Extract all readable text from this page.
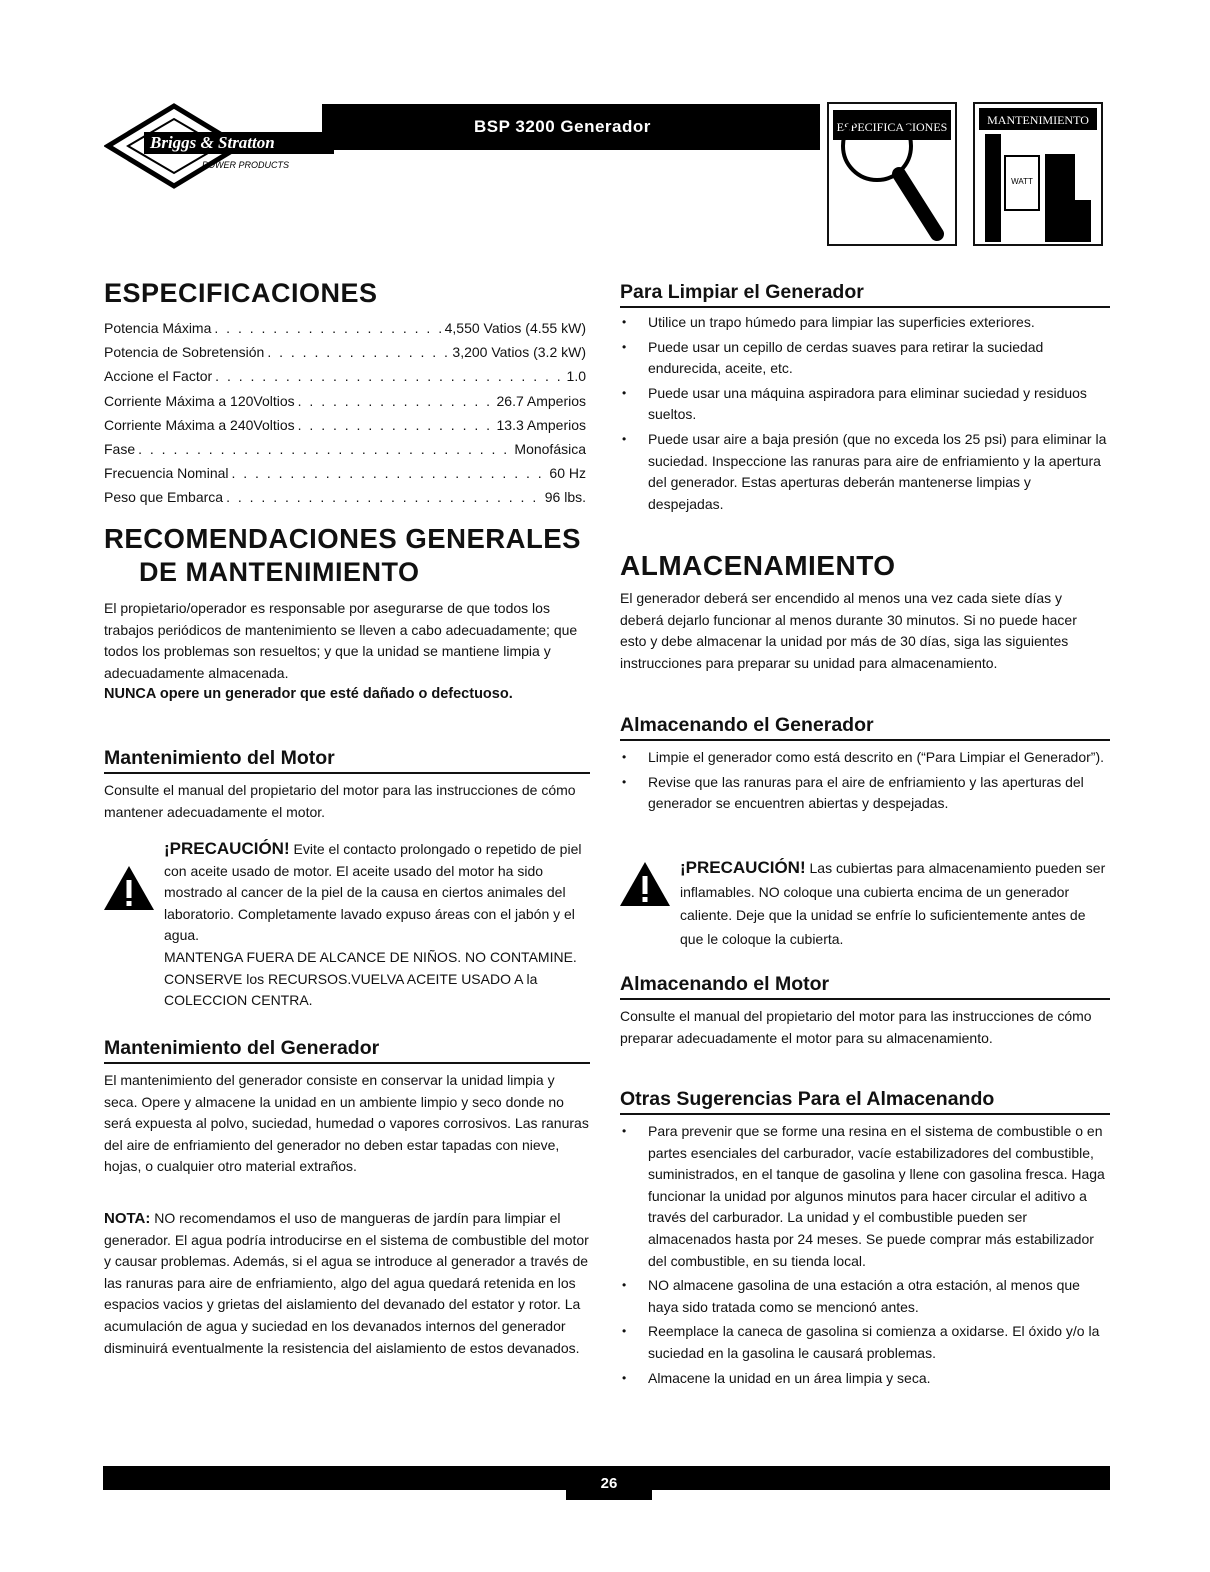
Briggs & Stratton
POWER PRODUCTS
BSP 3200 Generador	ESPECIFICACIONES	MANTENIMIENTO
WATT
ESPECIFICACIONES
Potencia Máxima . . .	4,550 Vatios (4.55 kW)
Potencia de Sobretensión . . .	3,200 Vatios (3.2 kW)
Accione el Factor . . .	1.0
Corriente Máxima a 120Voltios . . .	26.7 Amperios
Corriente Máxima a 240Voltios . . .	13.3 Amperios
Fase . . .	Monofásica
Frecuencia Nominal . . .	60 Hz
Peso que Embarca . . .	96 lbs.
RECOMENDACIONES GENERALES
DE MANTENIMIENTO

El propietario/operador es responsable por asegurarse de que todos los trabajos periódicos de mantenimiento se lleven a cabo adecuadamente; que todos los problemas son resueltos; y que la unidad se mantiene limpia y adecuadamente almacenada.

NUNCA opere un generador que esté dañado o defectuoso.

Mantenimiento del Motor

Consulte el manual del propietario del motor para las instrucciones de cómo mantener adecuadamente el motor.

¡PRECAUCIÓN! Evite el contacto prolongado o repetido de piel con aceite usado de motor. El aceite usado del motor ha sido mostrado al cancer de la piel de la causa en ciertos animales del laboratorio. Completamente lavado expuso áreas con el jabón y el agua.

MANTENGA FUERA DE ALCANCE DE NIÑOS. NO CONTAMINE. CONSERVE los RECURSOS.VUELVA ACEITE USADO A la COLECCION CENTRA.

Mantenimiento del Generador

El mantenimiento del generador consiste en conservar la unidad limpia y seca. Opere y almacene la unidad en un ambiente limpio y seco donde no será expuesta al polvo, suciedad, humedad o vapores corrosivos. Las ranuras del aire de enfriamiento del generador no deben estar tapadas con nieve, hojas, o cualquier otro material extraños.

NOTA: NO recomendamos el uso de mangueras de jardín para limpiar el generador. El agua podría introducirse en el sistema de combustible del motor y causar problemas. Además, si el agua se introduce al generador a través de las ranuras para aire de enfriamiento, algo del agua quedará retenida en los espacios vacios y grietas del aislamiento del devanado del estator y rotor. La acumulación de agua y suciedad en los devanados internos del generador disminuirá eventualmente la resistencia del aislamiento de estos devanados.

Para Limpiar el Generador
• Utilice un trapo húmedo para limpiar las superficies exteriores.
• Puede usar un cepillo de cerdas suaves para retirar la suciedad endurecida, aceite, etc.
• Puede usar una máquina aspiradora para eliminar suciedad y residuos sueltos.
• Puede usar aire a baja presión (que no exceda los 25 psi) para eliminar la suciedad. Inspeccione las ranuras para aire de enfriamiento y la apertura del generador. Estas aperturas deberán mantenerse limpias y despejadas.
ALMACENAMIENTO

El generador deberá ser encendido al menos una vez cada siete días y deberá dejarlo funcionar al menos durante 30 minutos. Si no puede hacer esto y debe almacenar la unidad por más de 30 días, siga las siguientes instrucciones para preparar su unidad para almacenamiento.

Almacenando el Generador
• Limpie el generador como está descrito en (“Para Limpiar el Generador”).
• Revise que las ranuras para el aire de enfriamiento y las aperturas del generador se encuentren abiertas y despejadas.

¡PRECAUCIÓN! Las cubiertas para almacenamiento pueden ser inflamables. NO coloque una cubierta encima de un generador caliente. Deje que la unidad se enfríe lo suficientemente antes de que le coloque la cubierta.

Almacenando el Motor

Consulte el manual del propietario del motor para las instrucciones de cómo preparar adecuadamente el motor para su almacenamiento.

Otras Sugerencias Para el Almacenando
• Para prevenir que se forme una resina en el sistema de combustible o en partes esenciales del carburador, vacíe estabilizadores del combustible, suministrados, en el tanque de gasolina y llene con gasolina fresca. Haga funcionar la unidad por algunos minutos para hacer circular el aditivo a través del carburador. La unidad y el combustible pueden ser almacenados hasta por 24 meses. Se puede comprar más estabilizador del combustible, en su tienda local.
• NO almacene gasolina de una estación a otra estación, al menos que haya sido tratada como se mencionó antes.
• Reemplace la caneca de gasolina si comienza a oxidarse. El óxido y/o la suciedad en la gasolina le causará problemas.
• Almacene la unidad en un área limpia y seca.
26
